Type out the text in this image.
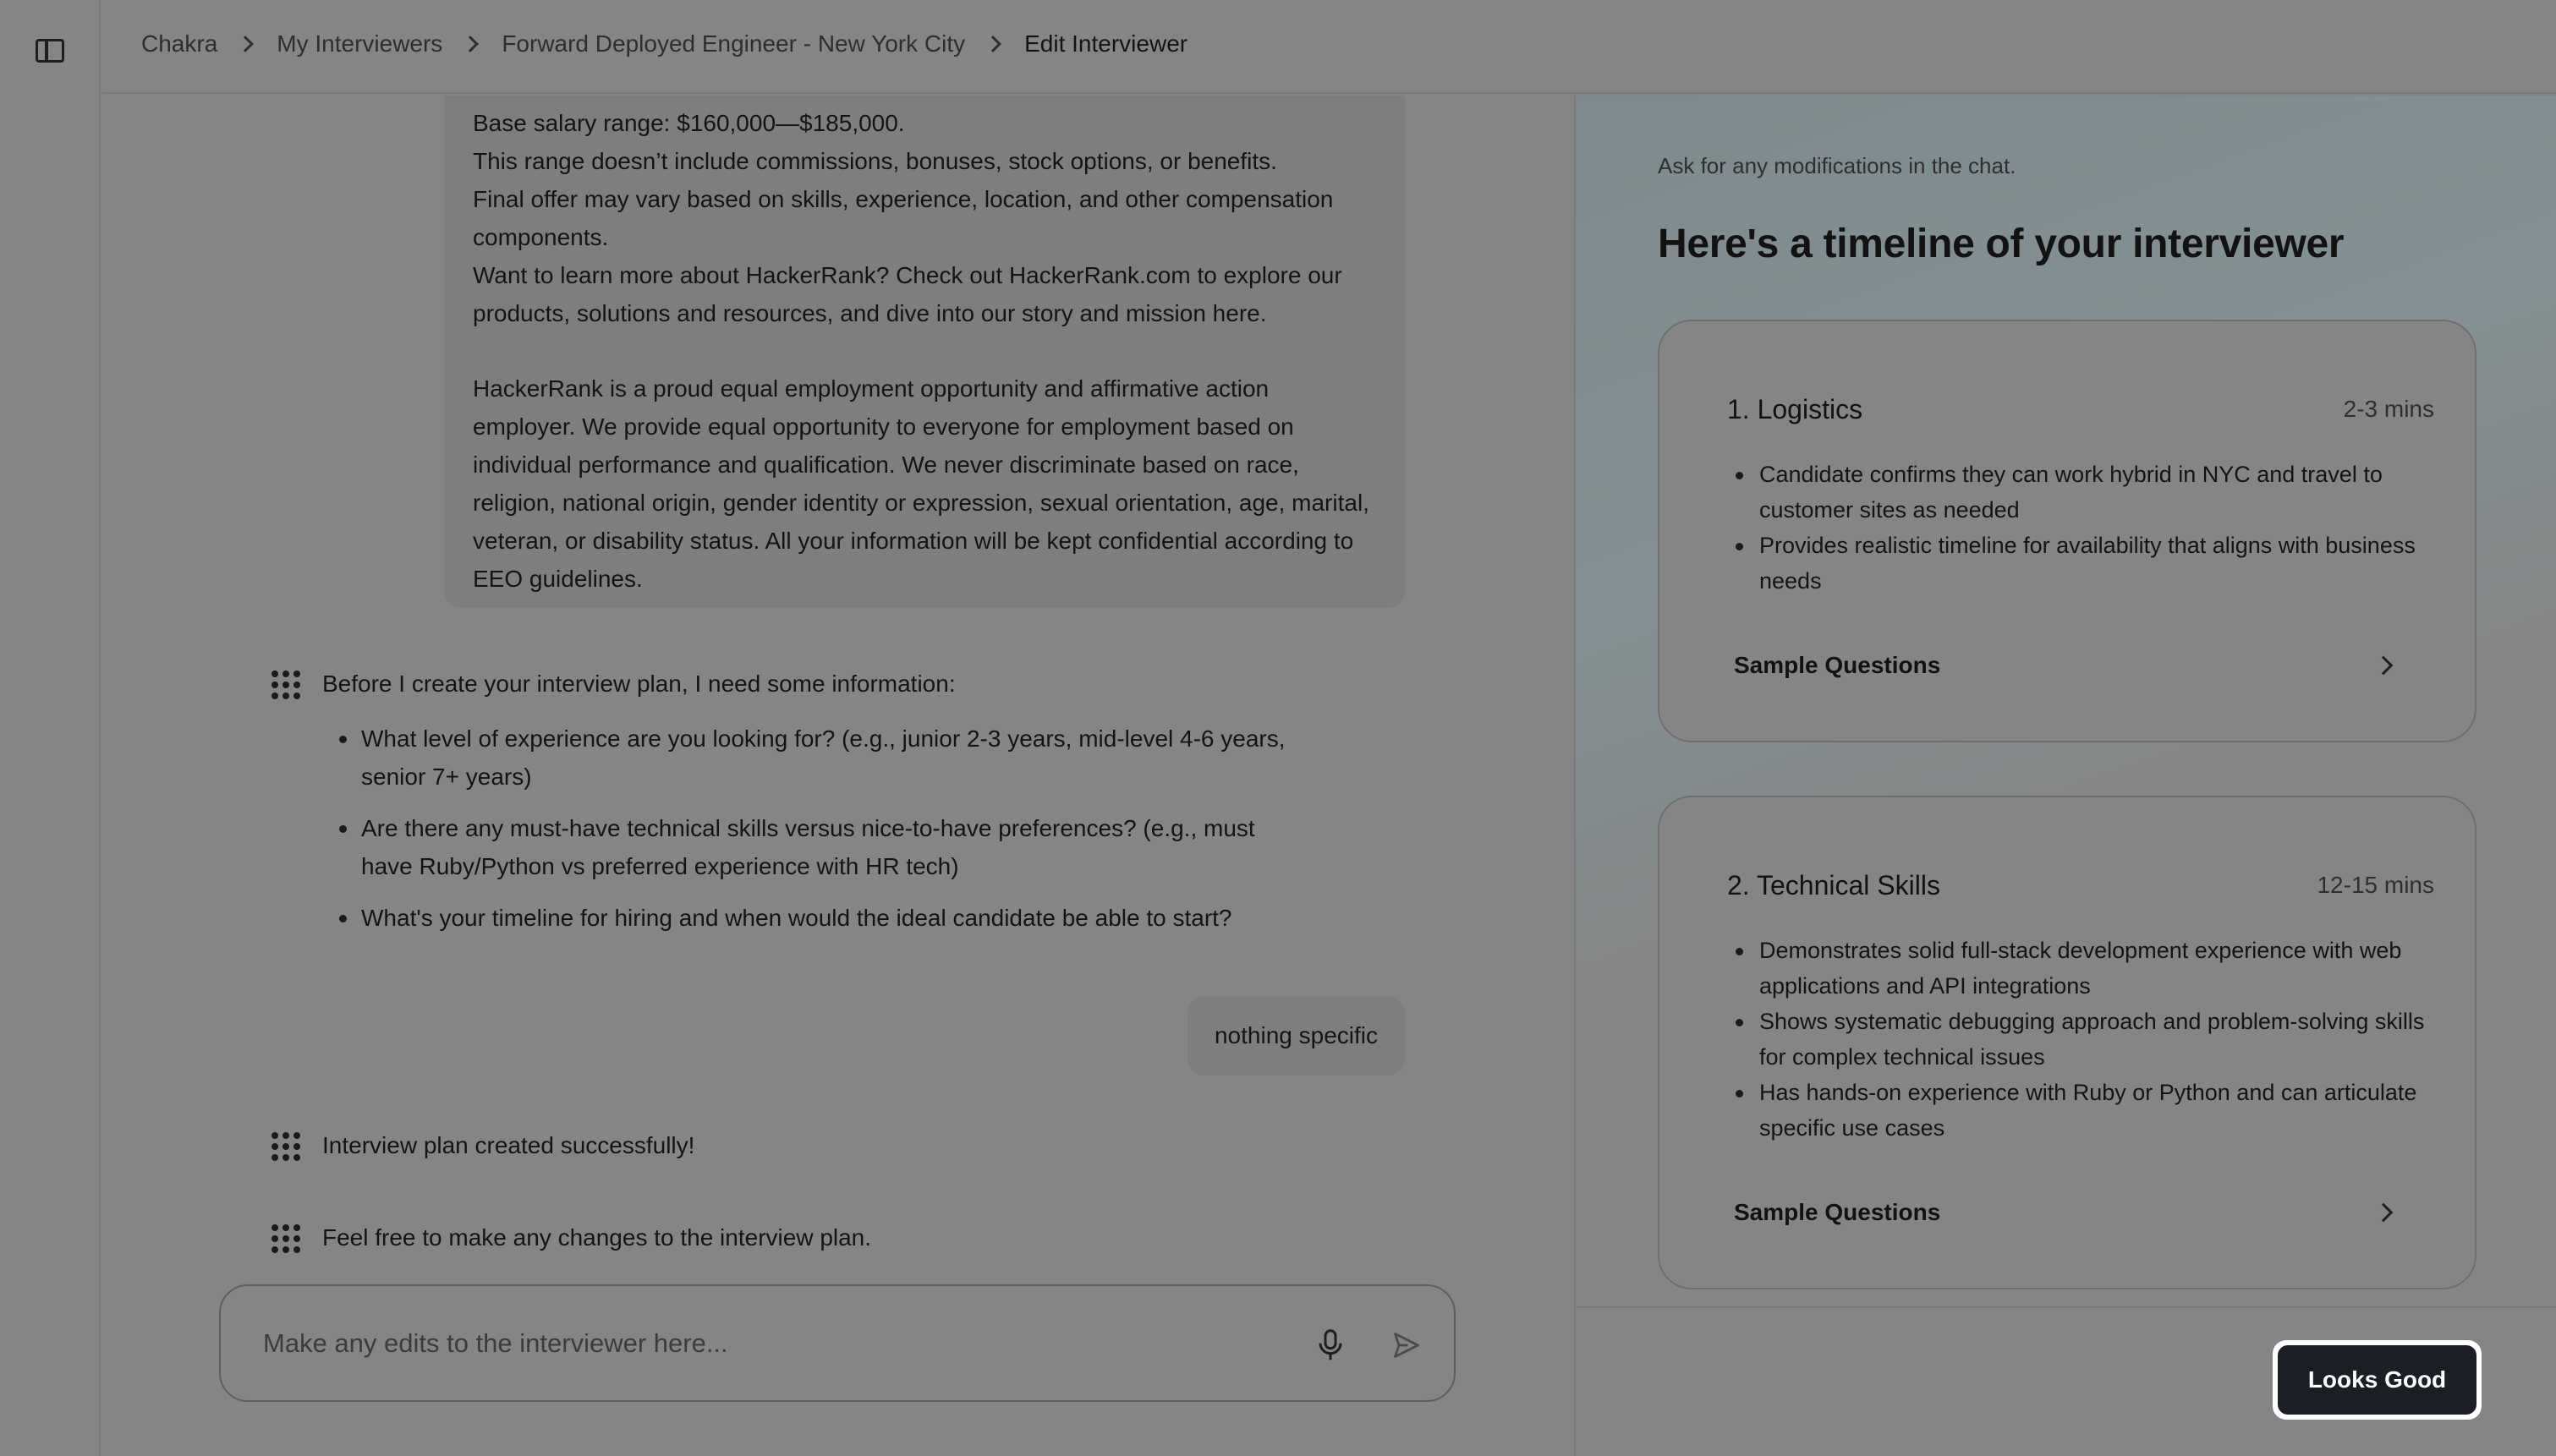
Chakra	My Interviewers	Forward Deployed Engineer - New York City	Edit Interviewer

Base salary range: $160,000—$185,000.

This range doesn’t include commissions, bonuses, stock options, or benefits.

Final offer may vary based on skills, experience, location, and other compensation components.

Want to learn more about HackerRank? Check out HackerRank.com to explore our products, solutions and resources, and dive into our story and mission here.

HackerRank is a proud equal employment opportunity and affirmative action employer. We provide equal opportunity to everyone for employment based on individual performance and qualification. We never discriminate based on race, religion, national origin, gender identity or expression, sexual orientation, age, marital, veteran, or disability status. All your information will be kept confidential according to EEO guidelines.

Before I create your interview plan, I need some information:
What level of experience are you looking for? (e.g., junior 2-3 years, mid-level 4-6 years, senior 7+ years)
Are there any must-have technical skills versus nice-to-have preferences? (e.g., must have Ruby/Python vs preferred experience with HR tech)
What's your timeline for hiring and when would the ideal candidate be able to start?
nothing specific
Interview plan created successfully!
Feel free to make any changes to the interview plan.
Make any edits to the interviewer here...
Ask for any modifications in the chat.
Here's a timeline of your interviewer
1. Logistics	2-3 mins
Candidate confirms they can work hybrid in NYC and travel to customer sites as needed
Provides realistic timeline for availability that aligns with business needs
Sample Questions
2. Technical Skills	12-15 mins
Demonstrates solid full-stack development experience with web applications and API integrations
Shows systematic debugging approach and problem-solving skills for complex technical issues
Has hands-on experience with Ruby or Python and can articulate specific use cases
Sample Questions
Looks Good
